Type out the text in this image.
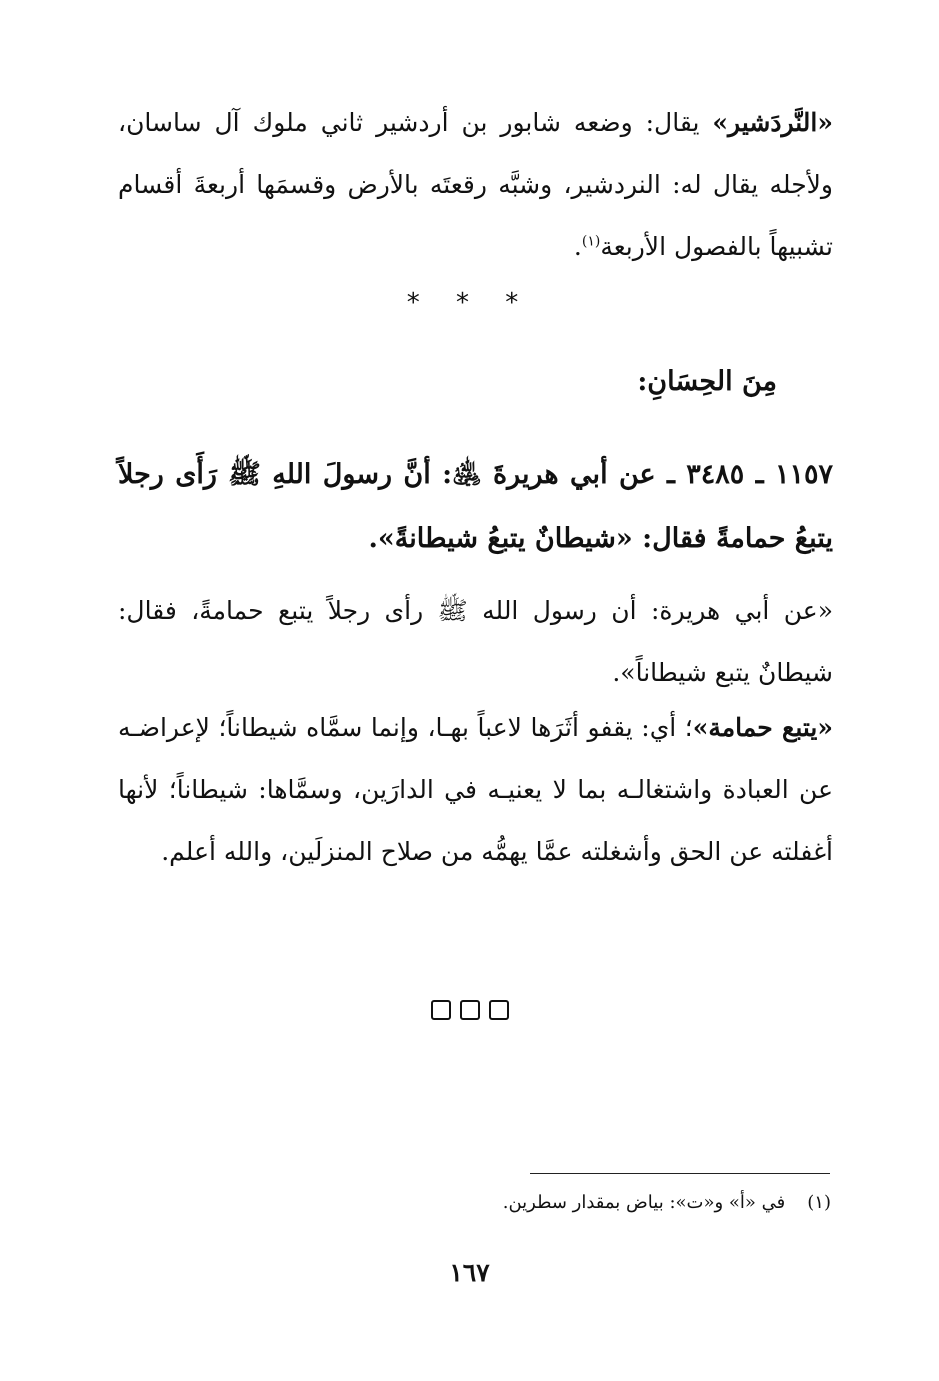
«النَّردَشير» يقال: وضعه شابور بن أردشير ثاني ملوك آل ساسان، ولأجله يقال له: النردشير، وشبَّه رقعتَه بالأرض وقسمَها أربعةَ أقسام تشبيهاً بالفصول الأربعة$^{(١)}$.

* * *

مِنَ الحِسَانِ:

١١٥٧ ـ ٣٤٨٥ ـ عن أبي هريرةَ ﵁: أنَّ رسولَ اللهِ ﷺ رَأَى رجلاً يتبعُ حمامةً فقال: «شيطانٌ يتبعُ شيطانةً».

«عن أبي هريرة: أن رسول الله ﷺ رأى رجلاً يتبع حمامةً، فقال: شيطانٌ يتبع شيطاناً».

«يتبع حمامة»؛ أي: يقفو أثَرَها لاعباً بهـا، وإنما سمَّاه شيطاناً؛ لإعراضـه عن العبادة واشتغالـه بما لا يعنيـه في الدارَين، وسمَّاها: شيطاناً؛ لأنها أغفلته عن الحق وأشغلته عمَّا يهمُّه من صلاح المنزلَين، والله أعلم.

(١)في «أ» و«ت»: بياض بمقدار سطرين.

١٦٧
